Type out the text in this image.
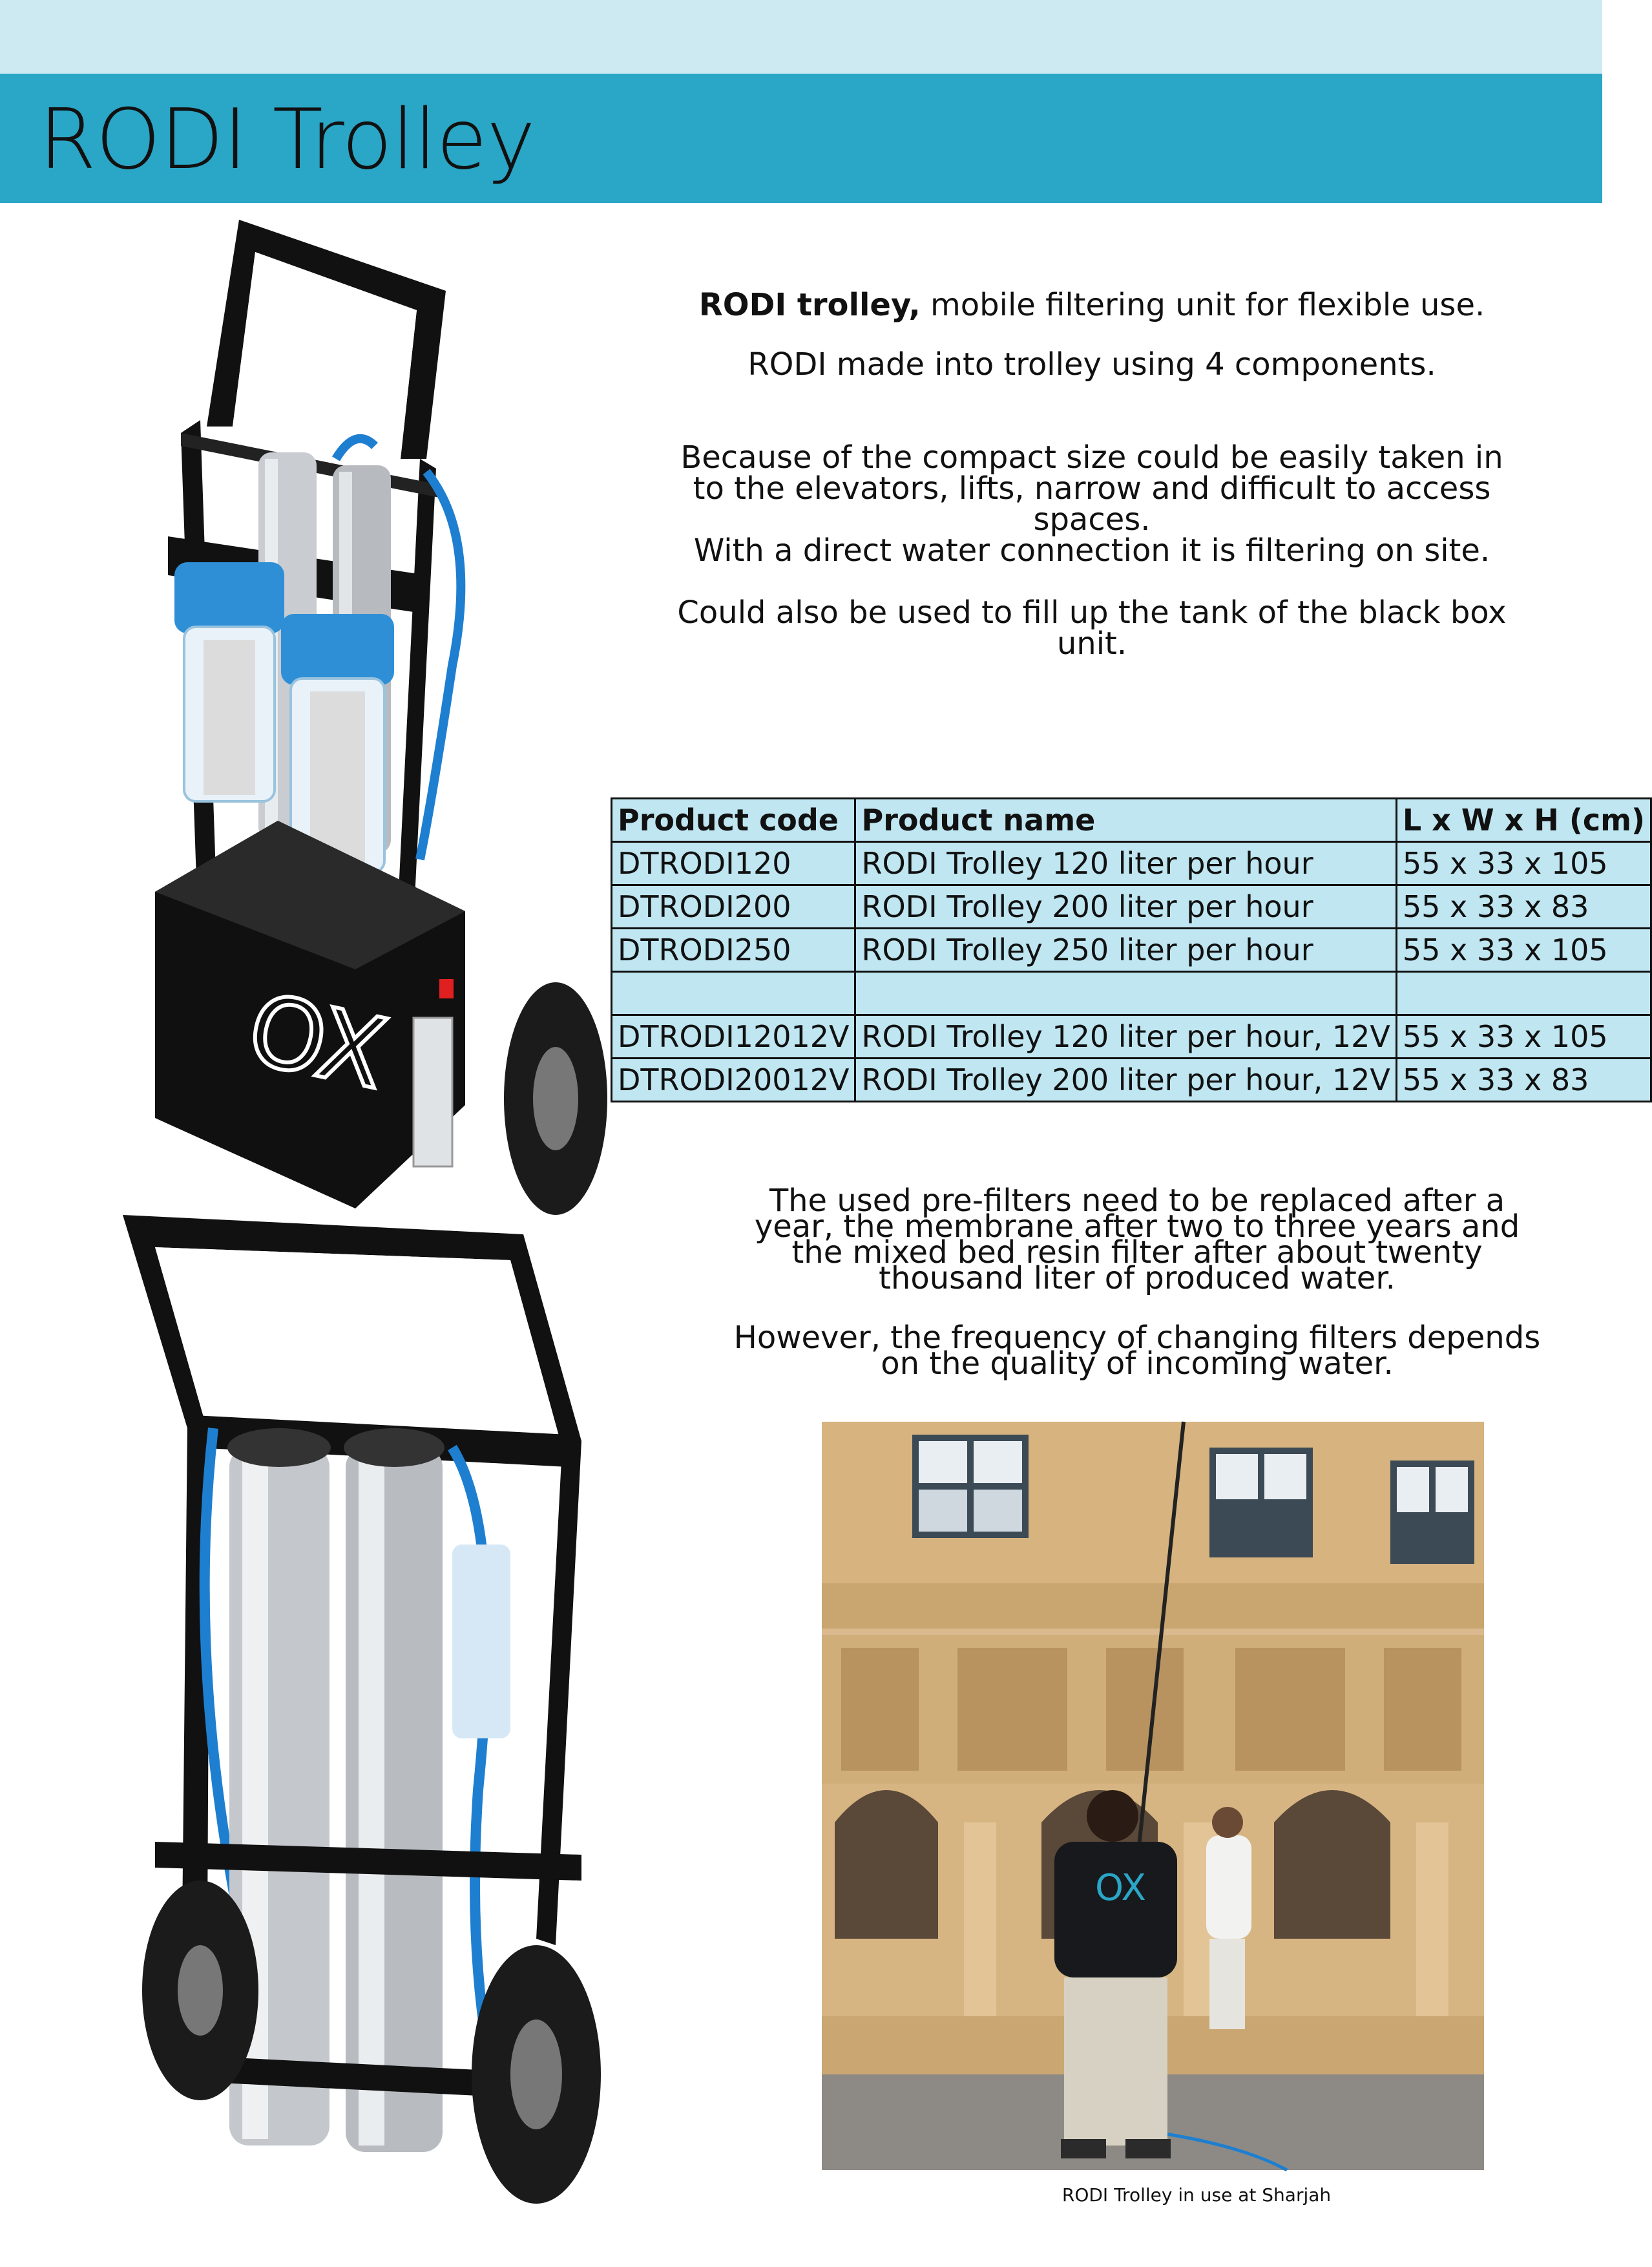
RODI Trolley
OX

RODI trolley, mobile filtering unit for flexible use.

RODI made into trolley using 4 components.

Because of the compact size could be easily taken in to the elevators, lifts, narrow and difficult to access spaces.

With a direct water connection it is filtering on site.

Could also be used to fill up the tank of the black box unit.

Product code	Product name	L x W x H (cm)
DTRODI120	RODI Trolley 120 liter per hour	55 x 33 x 105
DTRODI200	RODI Trolley 200 liter per hour	55 x 33 x 83
DTRODI250	RODI Trolley 250 liter per hour	55 x 33 x 105

DTRODI12012V	RODI Trolley 120 liter per hour, 12V	55 x 33 x 105
DTRODI20012V	RODI Trolley 200 liter per hour, 12V	55 x 33 x 83

The used pre-filters need to be replaced after a year, the membrane after two to three years and the mixed bed resin filter after about twenty thousand liter of produced water.

However, the frequency of changing filters depends on the quality of incoming water.

OX
RODI Trolley in use at Sharjah
